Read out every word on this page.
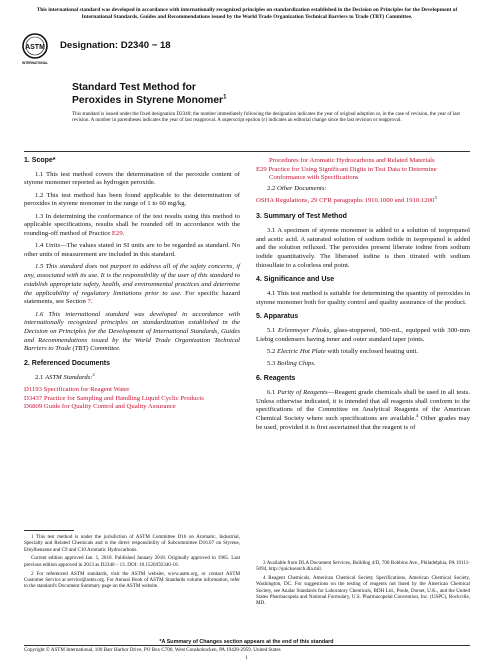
This international standard was developed in accordance with internationally recognized principles on standardization established in the Decision on Principles for the Development of International Standards, Guides and Recommendations issued by the World Trade Organization Technical Barriers to Trade (TBT) Committee.
ASTM
INTERNATIONAL
Designation: D2340 − 18
Standard Test Method for
Peroxides in Styrene Monomer$^1$
This standard is issued under the fixed designation D2340; the number immediately following the designation indicates the year of original adoption or, in the case of revision, the year of last revision. A number in parentheses indicates the year of last reapproval. A superscript epsilon (ε) indicates an editorial change since the last revision or reapproval.
1. Scope*

1.1 This test method covers the determination of the peroxide content of styrene monomer reported as hydrogen peroxide.

1.2 This test method has been found applicable to the determination of peroxides in styrene monomer in the range of 1 to 60 mg/kg.

1.3 In determining the conformance of the test results using this method to applicable specifications, results shall be rounded off in accordance with the rounding-off method of Practice E29.

1.4 Units—The values stated in SI units are to be regarded as standard. No other units of measurement are included in this standard.

1.5 This standard does not purport to address all of the safety concerns, if any, associated with its use. It is the responsibility of the user of this standard to establish appropriate safety, health, and environmental practices and determine the applicability of regulatory limitations prior to use. For specific hazard statements, see Section 7.

1.6 This international standard was developed in accordance with internationally recognized principles on standardization established in the Decision on Principles for the Development of International Standards, Guides and Recommendations issued by the World Trade Organization Technical Barriers to Trade (TBT) Committee.

2. Referenced Documents

2.1 ASTM Standards:$^2$

D1193 Specification for Reagent Water
D3437 Practice for Sampling and Handling Liquid Cyclic Products
D6809 Guide for Quality Control and Quality Assurance
Procedures for Aromatic Hydrocarbons and Related Materials
E29 Practice for Using Significant Digits in Test Data to Determine Conformance with Specifications

2.2 Other Documents:

OSHA Regulations, 29 CFR paragraphs 1910.1000 and 1910.1200$^3$
3. Summary of Test Method

3.1 A specimen of styrene monomer is added to a solution of isopropanol and acetic acid. A saturated solution of sodium iodide in isopropanol is added and the solution refluxed. The peroxides present liberate iodine from sodium iodide quantitatively. The liberated iodine is then titrated with sodium thiosulfate to a colorless end point.

4. Significance and Use

4.1 This test method is suitable for determining the quantity of peroxides in styrene monomer both for quality control and quality assurance of the product.

5. Apparatus

5.1 Erlenmeyer Flasks, glass-stoppered, 500-mL, equipped with 300-mm Liebig condensers having inner and outer standard taper joints.

5.2 Electric Hot Plate with totally enclosed heating unit.

5.3 Boiling Chips.

6. Reagents

6.1 Purity of Reagents—Reagent grade chemicals shall be used in all tests. Unless otherwise indicated, it is intended that all reagents shall conform to the specifications of the Committee on Analytical Reagents of the American Chemical Society where such specifications are available.$^4$ Other grades may be used, provided it is first ascertained that the reagent is of

1 This test method is under the jurisdiction of ASTM Committee D16 on Aromatic, Industrial, Specialty and Related Chemicals and is the direct responsibility of Subcommittee D16.07 on Styrene, Ethylbenzene and C9 and C10 Aromatic Hydrocarbons.

Current edition approved Jan. 1, 2018. Published January 2018. Originally approved in 1965. Last previous edition approved in 2013 as D2340 – 13. DOI: 10.1520/D2340-18.

2 For referenced ASTM standards, visit the ASTM website, www.astm.org, or contact ASTM Customer Service at service@astm.org. For Annual Book of ASTM Standards volume information, refer to the standard's Document Summary page on the ASTM website.

3 Available from DLA Document Services, Building 4/D, 700 Robbins Ave., Philadelphia, PA 19111-5094, http://quicksearch.dla.mil.

4 Reagent Chemicals, American Chemical Society Specifications, American Chemical Society, Washington, DC. For suggestions on the testing of reagents not listed by the American Chemical Society, see Analar Standards for Laboratory Chemicals, BDH Ltd., Poole, Dorset, U.K., and the United States Pharmacopeia and National Formulary, U.S. Pharmacopeial Convention, Inc. (USPC), Rockville, MD.

*A Summary of Changes section appears at the end of this standard
Copyright © ASTM International, 100 Barr Harbor Drive, PO Box C700, West Conshohocken, PA 19428-2959. United States
1
